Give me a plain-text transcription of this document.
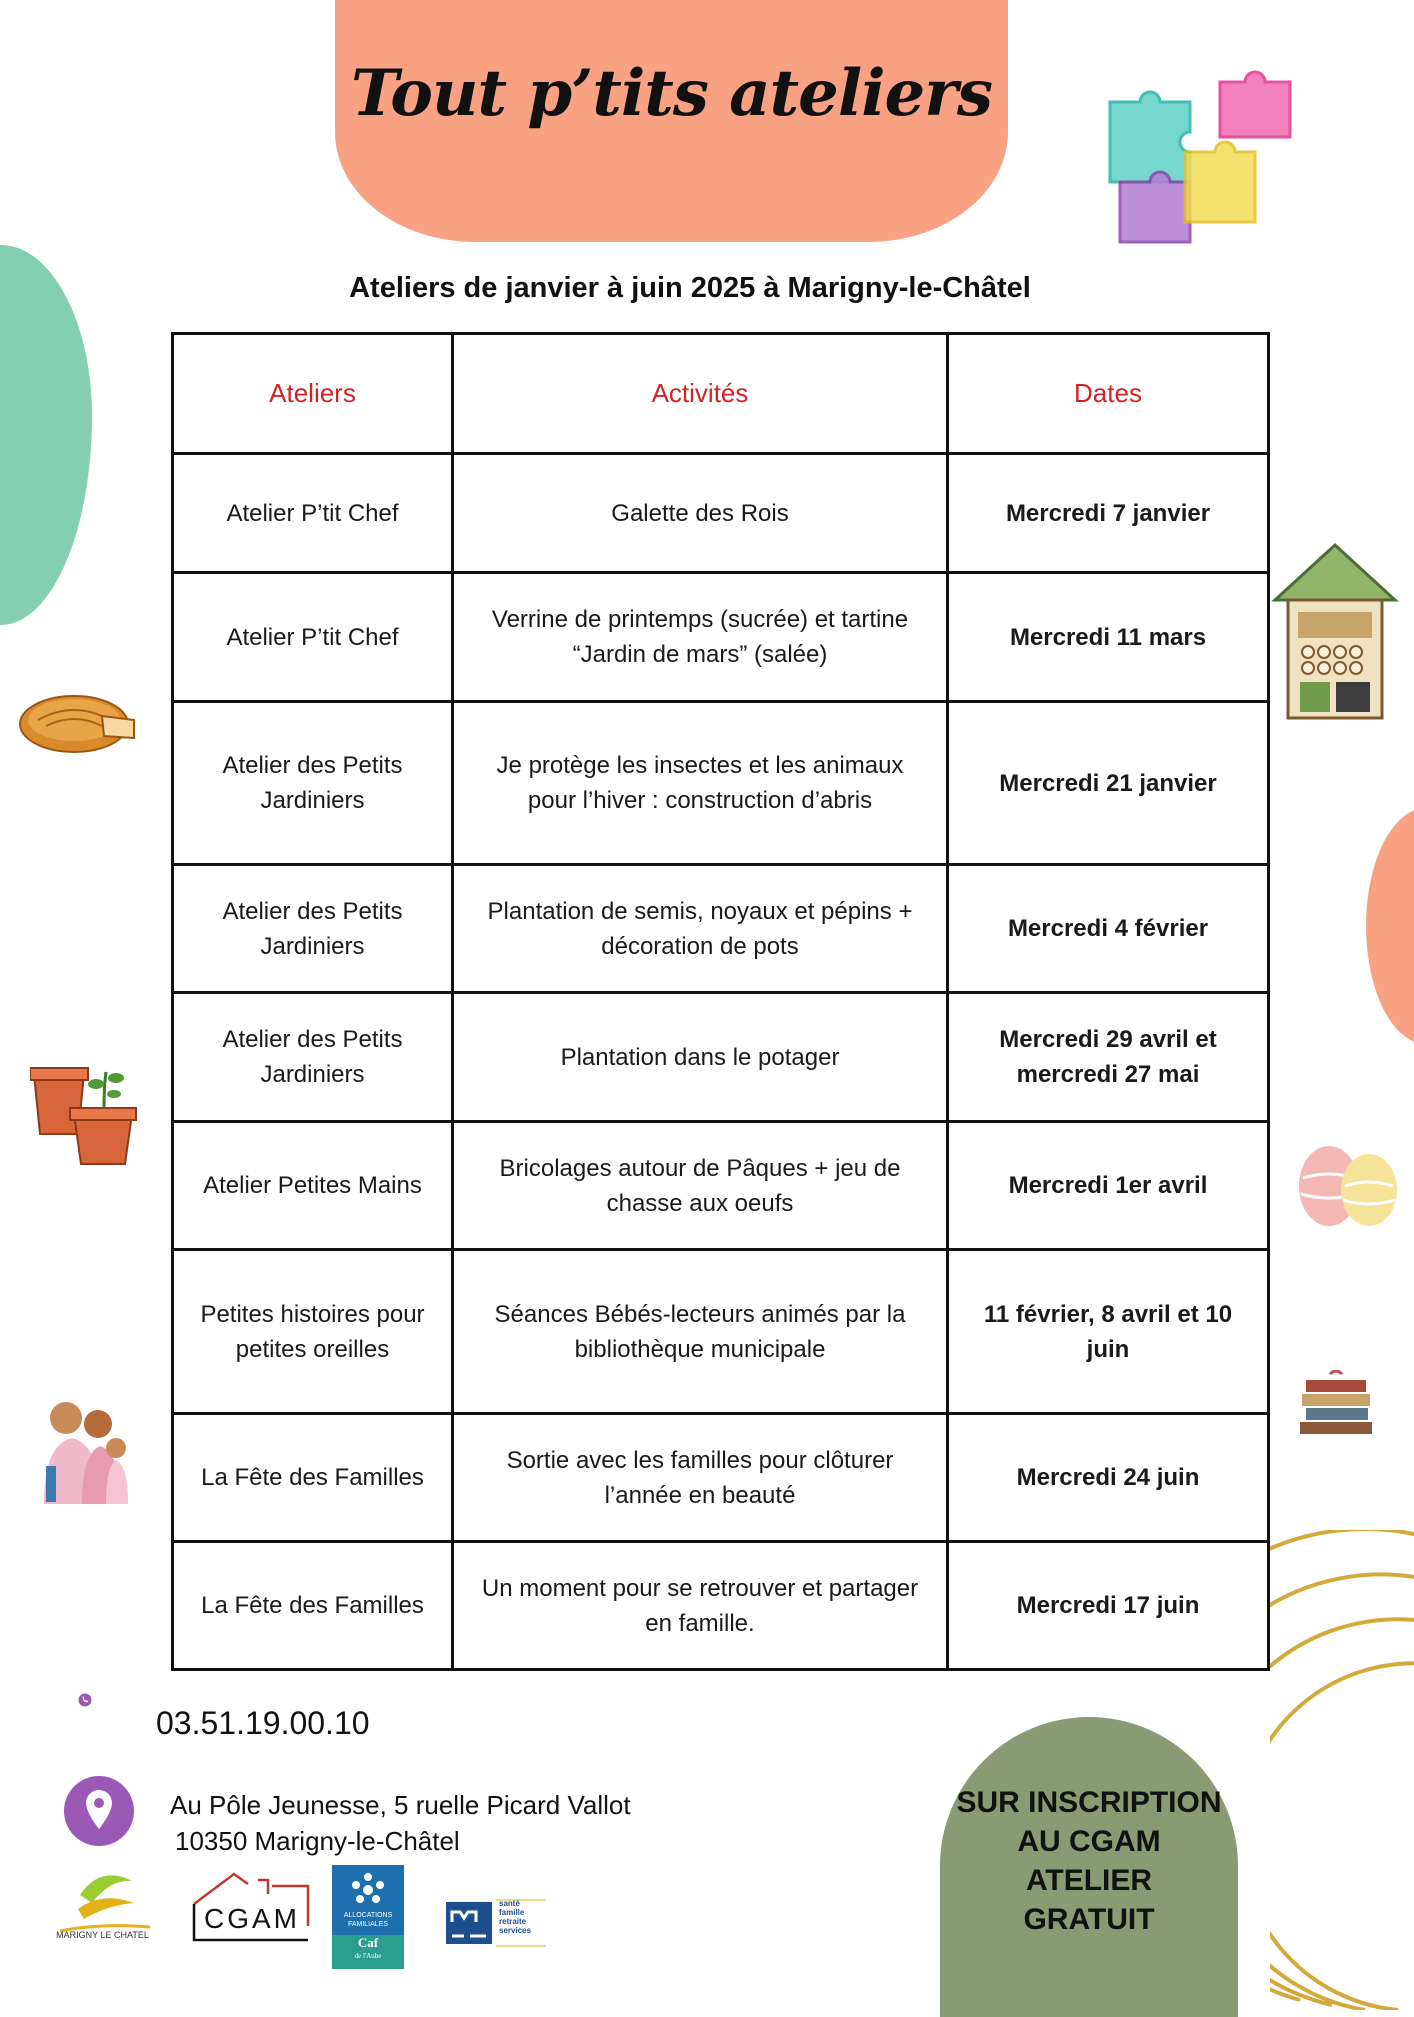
Tout p’tits ateliers
Ateliers de janvier à juin 2025 à Marigny-le-Châtel
Ateliers	Activités	Dates
Atelier P’tit Chef	Galette des Rois	Mercredi 7 janvier
Atelier P’tit Chef	Verrine de printemps (sucrée) et tartine “Jardin de mars” (salée)	Mercredi 11 mars
Atelier des Petits Jardiniers	Je protège les insectes et les animaux pour l’hiver : construction d’abris	Mercredi 21 janvier
Atelier des Petits Jardiniers	Plantation de semis, noyaux et pépins + décoration de pots	Mercredi 4 février
Atelier des Petits Jardiniers	Plantation dans le potager	Mercredi 29 avril et mercredi 27 mai
Atelier Petites Mains	Bricolages autour de Pâques + jeu de chasse aux oeufs	Mercredi 1er avril
Petites histoires pour petites oreilles	Séances Bébés-lecteurs animés par la bibliothèque municipale	11 février, 8 avril et 10 juin
La Fête des Familles	Sortie avec les familles pour clôturer l’année en beauté	Mercredi 24 juin
La Fête des Familles	Un moment pour se retrouver et partager en famille.	Mercredi 17 juin
03.51.19.00.10
Au Pôle Jeunesse, 5 ruelle Picard Vallot
10350 Marigny-le-Châtel
SUR INSCRIPTION
AU CGAM
ATELIER
GRATUIT
MARIGNY LE CHATEL
CGAM	ALLOCATIONS
FAMILIALES
Caf
de l'Aube
santé
famille
retraite
services
